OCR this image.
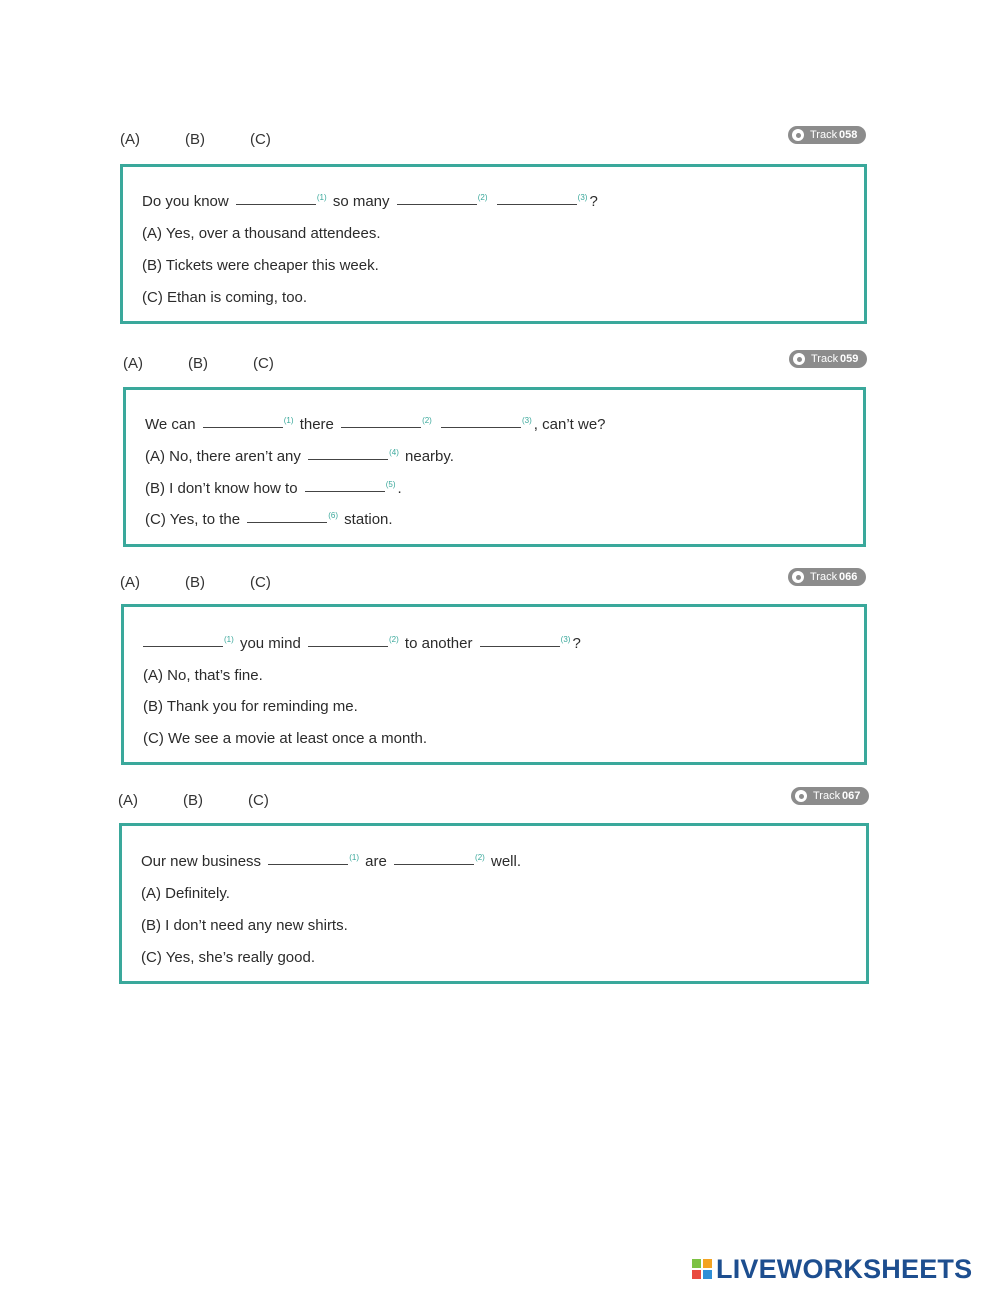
(A)	(B)	(C)	Track 058
Do you know	$^{(1)}$ so many	$^{(2)}$	$^{(3)}$ ?
(A) Yes, over a thousand attendees.
(B) Tickets were cheaper this week.
(C) Ethan is coming, too.
(A)	(B)	(C)	Track 059
We can	$^{(1)}$ there	$^{(2)}$	$^{(3)}$ , can’t we?
(A) No, there aren’t any	$^{(4)}$ nearby.
(B) I don’t know how to	$^{(5)}$ .
(C) Yes, to the	$^{(6)}$ station.
(A)	(B)	(C)	Track 066
$^{(1)}$ you mind	$^{(2)}$ to another	$^{(3)}$ ?
(A) No, that’s fine.
(B) Thank you for reminding me.
(C) We see a movie at least once a month.
(A)	(B)	(C)	Track 067
Our new business	$^{(1)}$ are	$^{(2)}$ well.
(A) Definitely.
(B) I don’t need any new shirts.
(C) Yes, she’s really good.
LIVEWORKSHEETS
